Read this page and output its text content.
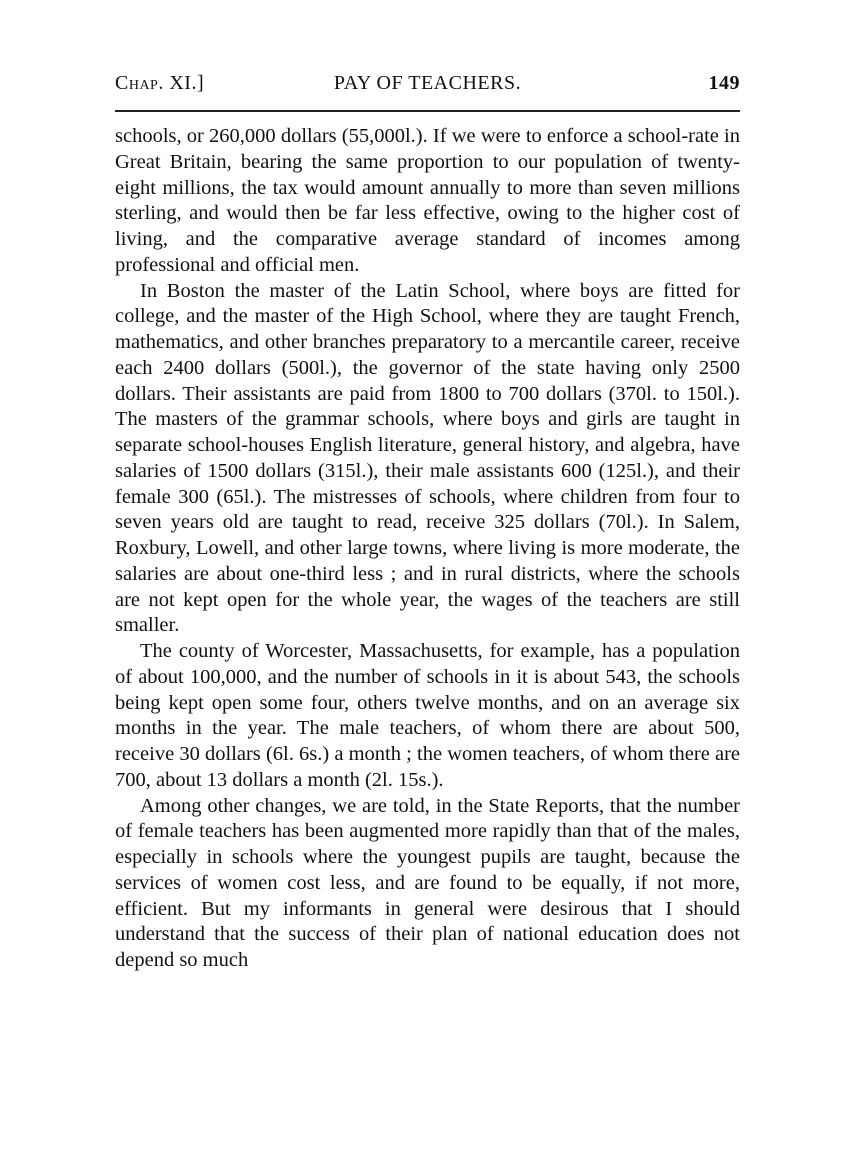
Chap. XI.]	PAY OF TEACHERS.	149

schools, or 260,000 dollars (55,000l.). If we were to enforce a school-rate in Great Britain, bearing the same proportion to our population of twenty-eight millions, the tax would amount annually to more than seven millions sterling, and would then be far less effective, owing to the higher cost of living, and the comparative average standard of incomes among professional and official men.

In Boston the master of the Latin School, where boys are fitted for college, and the master of the High School, where they are taught French, mathematics, and other branches preparatory to a mercantile career, receive each 2400 dollars (500l.), the governor of the state having only 2500 dollars. Their assistants are paid from 1800 to 700 dollars (370l. to 150l.). The masters of the grammar schools, where boys and girls are taught in separate school-houses English literature, general history, and algebra, have salaries of 1500 dollars (315l.), their male assistants 600 (125l.), and their female 300 (65l.). The mistresses of schools, where children from four to seven years old are taught to read, receive 325 dollars (70l.). In Salem, Roxbury, Lowell, and other large towns, where living is more moderate, the salaries are about one-third less ; and in rural districts, where the schools are not kept open for the whole year, the wages of the teachers are still smaller.

The county of Worcester, Massachusetts, for example, has a population of about 100,000, and the number of schools in it is about 543, the schools being kept open some four, others twelve months, and on an average six months in the year. The male teachers, of whom there are about 500, receive 30 dollars (6l. 6s.) a month ; the women teachers, of whom there are 700, about 13 dollars a month (2l. 15s.).

Among other changes, we are told, in the State Reports, that the number of female teachers has been augmented more rapidly than that of the males, especially in schools where the youngest pupils are taught, because the services of women cost less, and are found to be equally, if not more, efficient. But my informants in general were desirous that I should understand that the success of their plan of national education does not depend so much
